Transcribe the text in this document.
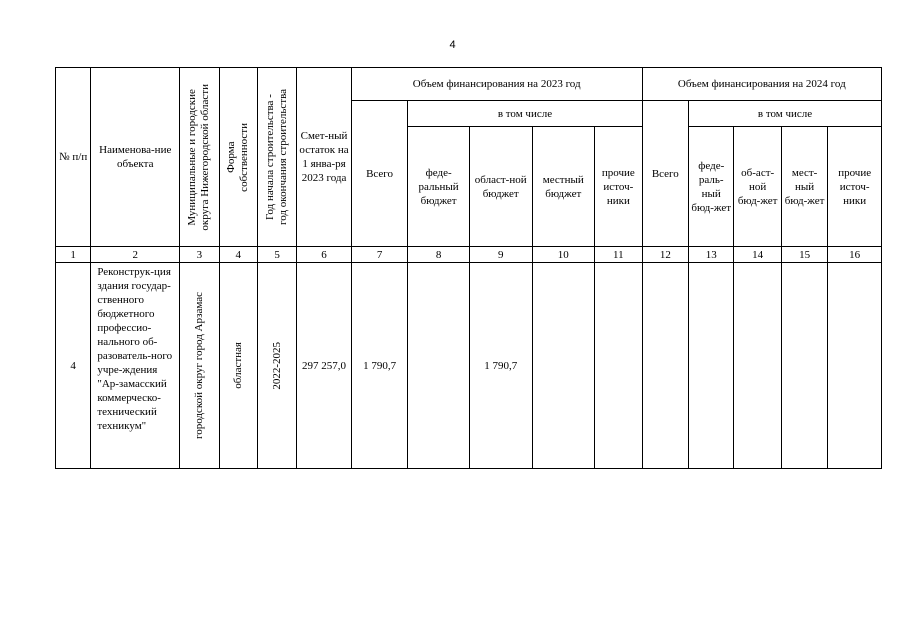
4
№ п/п	Наименова-ние объекта	Муниципальные и городские
округа Нижегородской области	Форма
собственности	Год начала строительства -
год окончания строительства	Смет-ный остаток на 1 янва-ря 2023 года	Объем финансирования на 2023 год					Объем финансирования на 2024 год				
						Всего	в том числе				Всего	в том числе			
							феде-ральный бюджет	област-ной бюджет	местный бюджет	прочие источ-ники		феде-раль-ный бюд-жет	об-аст-ной бюд-жет	мест-ный бюд-жет	прочие источ-ники
1	2	3	4	5	6	7	8	9	10	11	12	13	14	15	16
4	Реконструк-ция здания государ-ственного бюджетного профессио-нального об-разователь-ного учре-ждения "Ар-замасский коммерческо-технический техникум"	городской округ город Арзамас	областная	2022-2025	297 257,0	1 790,7		1 790,7							
